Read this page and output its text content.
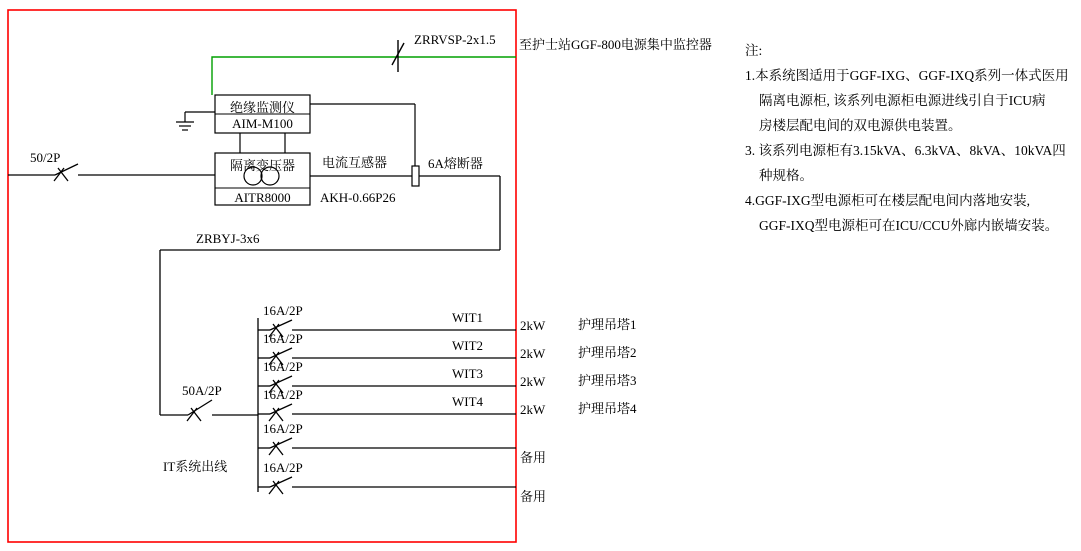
50/2P
ZRRVSP-2x1.5 至护士站GGF-800电源集中监控器
绝缘监测仪
AIM-M100
隔离变压器
AITR8000
电流互感器
AKH-0.66P26
6A熔断器
ZRBYJ-3x6
50A/2P
IT系统出线
16A/2P	WIT1
2kW	护理吊塔1
16A/2P	WIT2
2kW	护理吊塔2
16A/2P	WIT3
2kW	护理吊塔3
16A/2P	WIT4
2kW	护理吊塔4
16A/2P
备用
16A/2P
备用
注:
1.本系统图适用于GGF-IXG、GGF-IXQ系列一体式医用
隔离电源柜, 该系列电源柜电源进线引自于ICU病
房楼层配电间的双电源供电装置。
3. 该系列电源柜有3.15kVA、6.3kVA、8kVA、10kVA四
种规格。
4.GGF-IXG型电源柜可在楼层配电间内落地安装,
GGF-IXQ型电源柜可在ICU/CCU外廊内嵌墙安装。
